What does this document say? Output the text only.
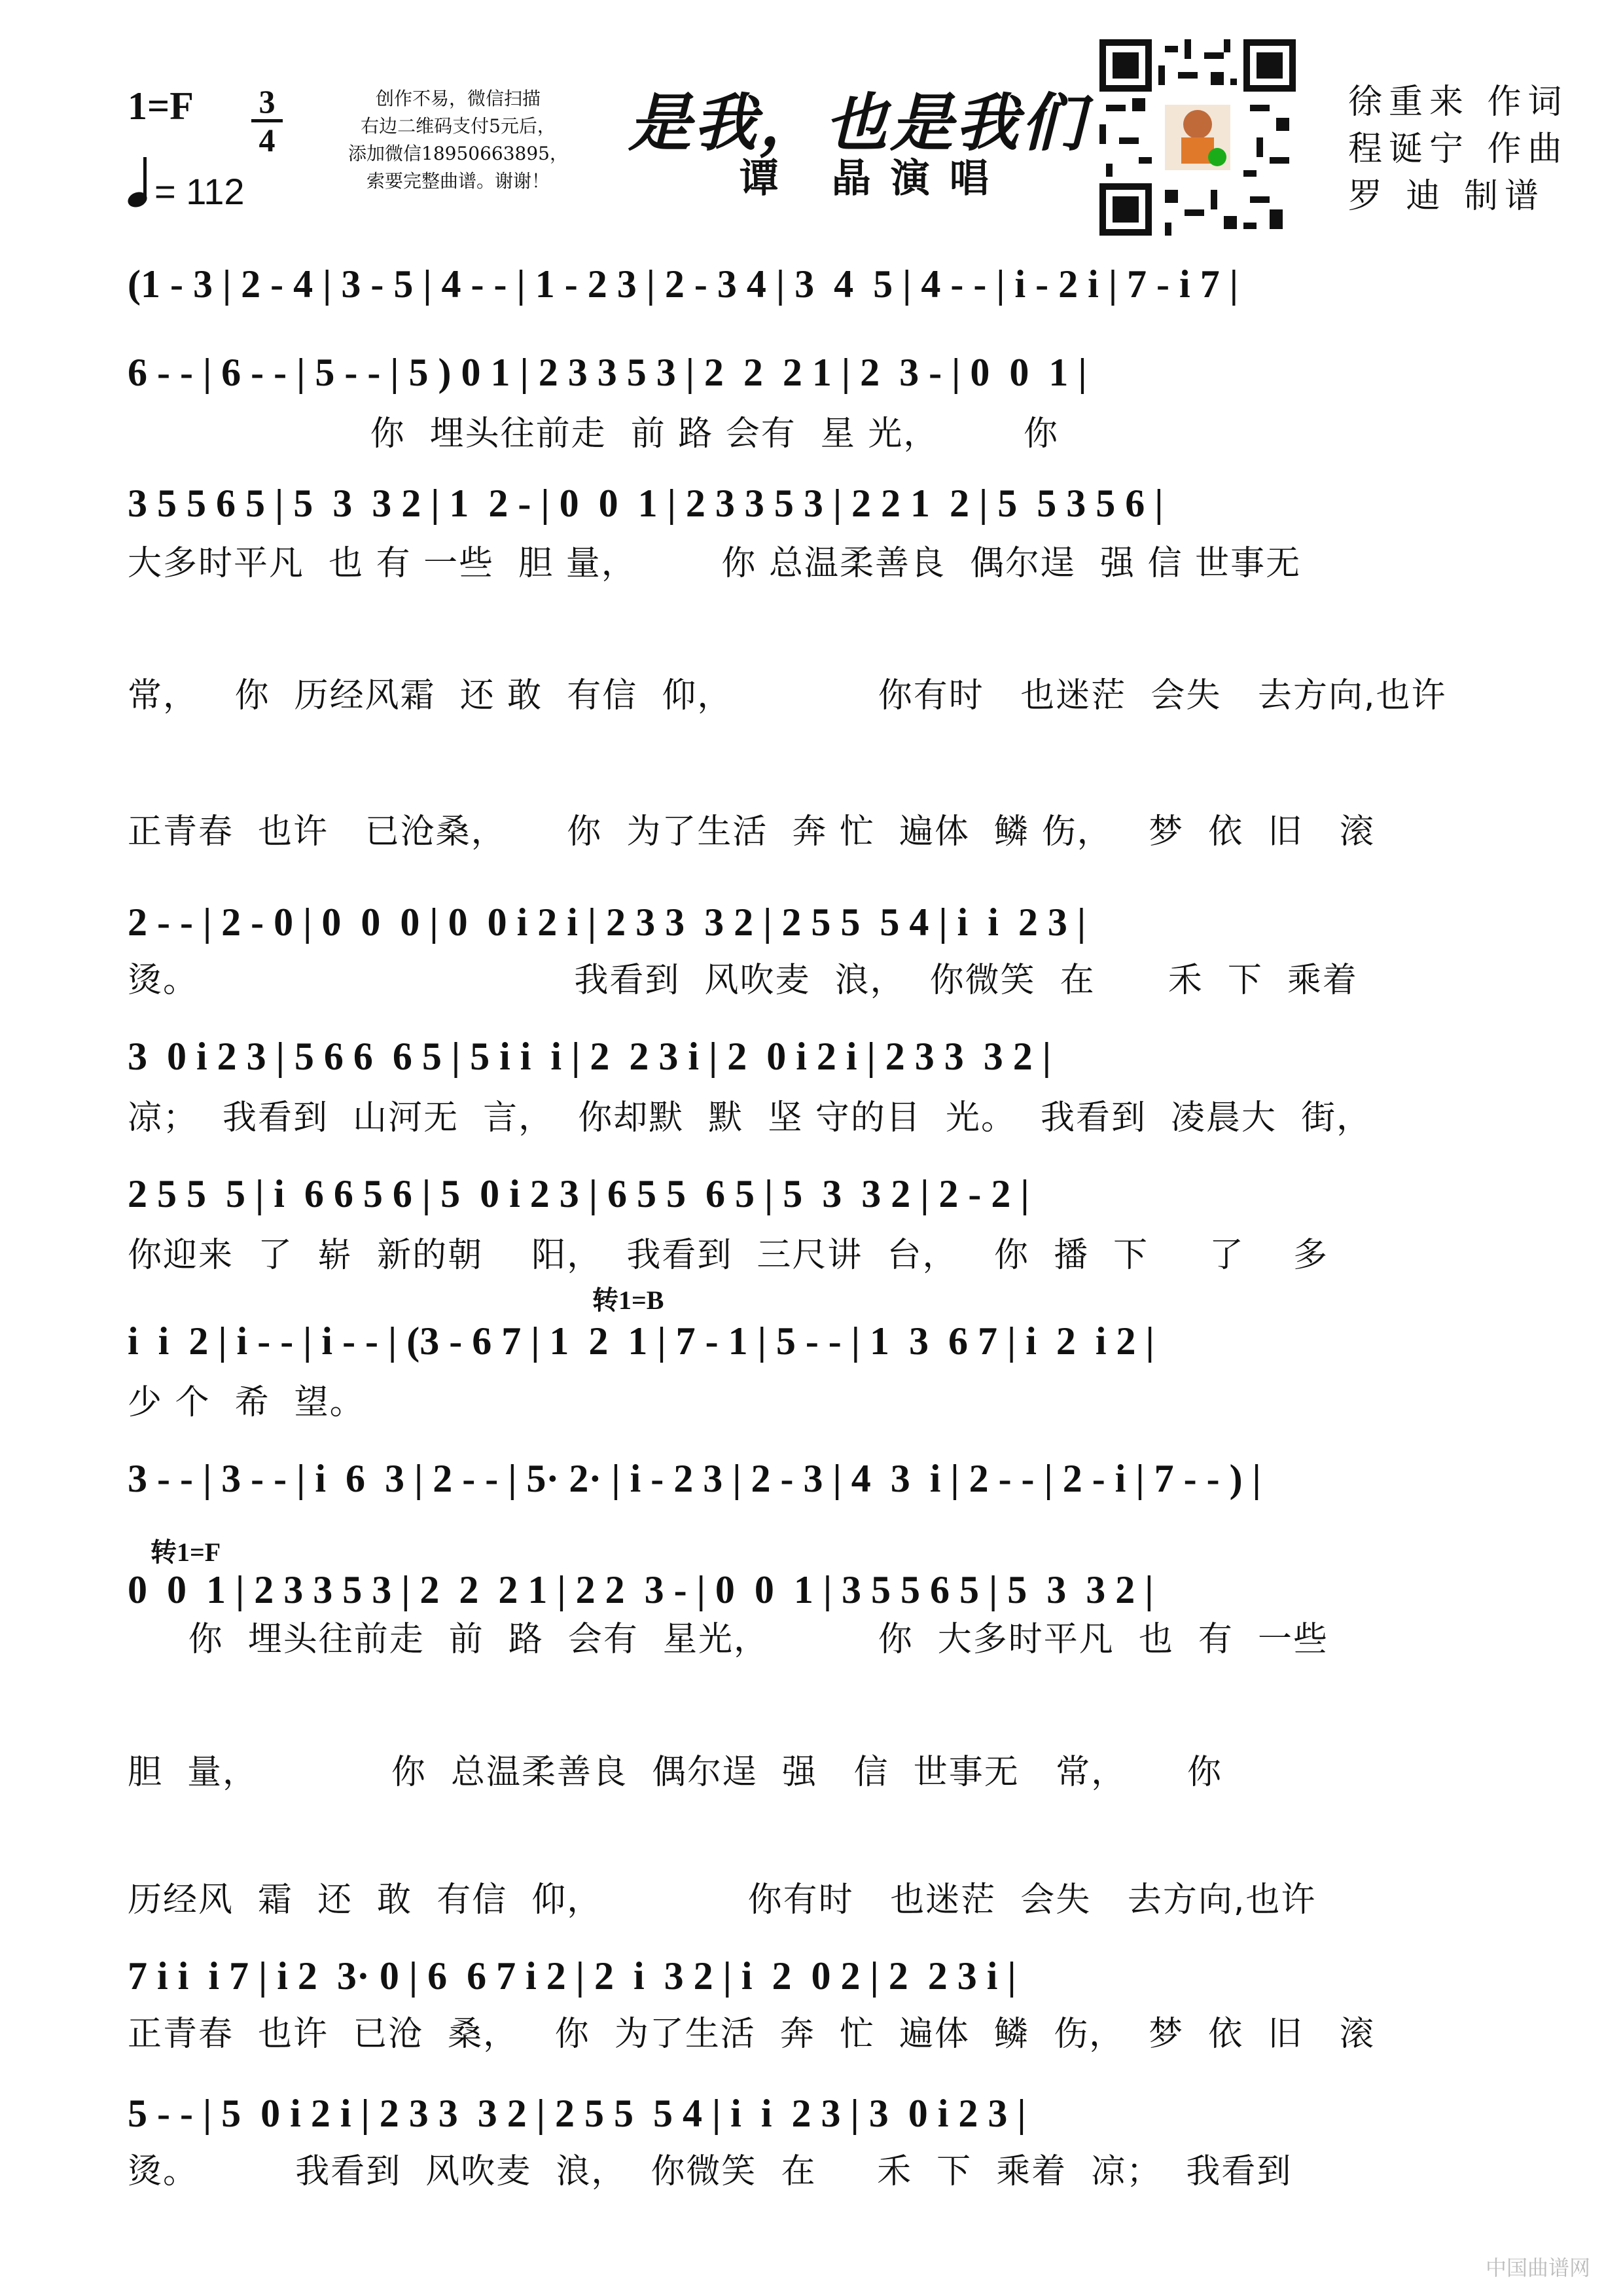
1=F	3
4
= 112
创作不易，微信扫描
右边二维码支付5元后，
添加微信18950663895，
索要完整曲谱。谢谢！
是我，也是我们
谭 晶演唱
徐重来 作词
程诞宁 作曲
罗 迪 制谱
(1 - 3 | 2 - 4 | 3 - 5 | 4 - - | 1 - 2 3 | 2 - 3 4 | 3  4  5 | 4 - - | i - 2 i | 7 - i 7 |
6 - - | 6 - - | 5 - - | 5 ) 0 1 | 2 3 3 5 3 | 2  2  2 1 | 2  3 - | 0  0  1 |
你  埋头往前走  前 路 会有  星 光，       你
3 5 5 6 5 | 5  3  3 2 | 1  2 - | 0  0  1 | 2 3 3 5 3 | 2 2 1  2 | 5  5 3 5 6 |
大多时平凡  也 有 一些  胆 量，       你 总温柔善良  偶尔逞  强 信 世事无
常，   你  历经风霜  还 敢  有信  仰，            你有时   也迷茫  会失   去方向,也许
正青春  也许   已沧桑，     你  为了生活  奔 忙  遍体  鳞 伤，   梦  依  旧   滚
2 - - | 2 - 0 | 0  0  0 | 0  0 i 2 i | 2 3 3  3 2 | 2 5 5  5 4 | i  i  2 3 |
烫。                               我看到  风吹麦  浪，  你微笑  在      禾  下  乘着
3  0 i 2 3 | 5 6 6  6 5 | 5 i i  i | 2  2 3 i | 2  0 i 2 i | 2 3 3  3 2 |
凉；  我看到  山河无  言，  你却默  默  坚 守的目  光。  我看到  凌晨大  街，
2 5 5  5 | i  6 6 5 6 | 5  0 i 2 3 | 6 5 5  6 5 | 5  3  3 2 | 2 - 2 |
你迎来  了  崭  新的朝    阳，  我看到  三尺讲  台，   你  播  下     了    多
转1=B
i  i  2 | i - - | i - - | (3 - 6 7 | 1  2  1 | 7 - 1 | 5 - - | 1  3  6 7 | i  2  i 2 |
少 个  希  望。
3 - - | 3 - - | i  6  3 | 2 - - | 5· 2· | i - 2 3 | 2 - 3 | 4  3  i | 2 - - | 2 - i | 7 - - ) |
转1=F
0  0  1 | 2 3 3 5 3 | 2  2  2 1 | 2 2  3 - | 0  0  1 | 3 5 5 6 5 | 5  3  3 2 |
你  埋头往前走  前  路  会有  星光，         你  大多时平凡  也  有  一些
胆  量，           你  总温柔善良  偶尔逞  强   信  世事无   常，     你
历经风  霜  还  敢  有信  仰，            你有时   也迷茫  会失   去方向,也许
7 i i  i 7 | i 2  3· 0 | 6  6 7 i 2 | 2  i  3 2 | i  2  0 2 | 2  2 3 i |
正青春  也许  已沧  桑，   你  为了生活  奔  忙  遍体  鳞  伤，  梦  依  旧   滚
5 - - | 5  0 i 2 i | 2 3 3  3 2 | 2 5 5  5 4 | i  i  2 3 | 3  0 i 2 3 |
烫。        我看到  风吹麦  浪，  你微笑  在     禾  下  乘着  凉；  我看到
中国曲谱网
